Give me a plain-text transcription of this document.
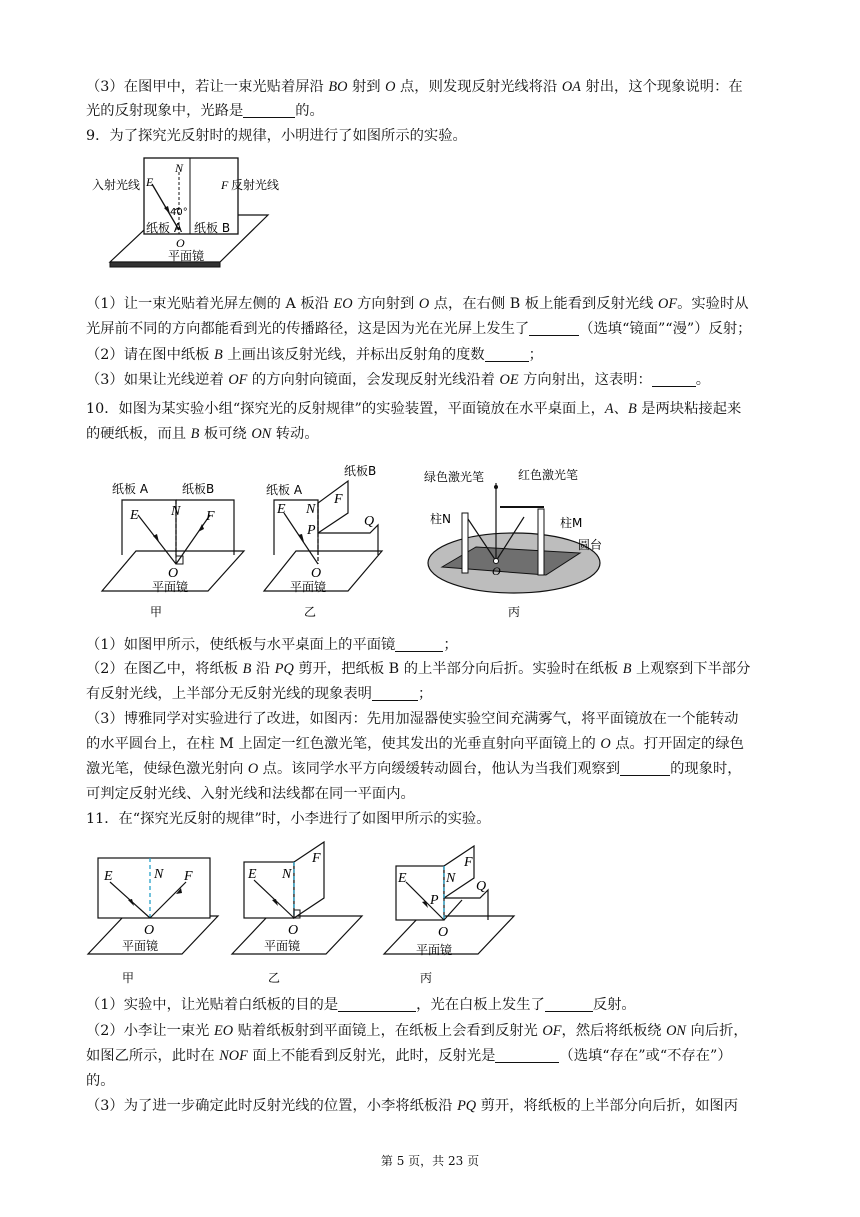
（3）在图甲中，若让一束光贴着屏沿 BO 射到 O 点，则发现反射光线将沿 OA 射出，这个现象说明：在
光的反射现象中，光路是	的。
9．为了探究光反射时的规律，小明进行了如图所示的实验。
入射光线	反射光线
E
N
F
40°
O
纸板 A 纸板 B
平面镜
（1）让一束光贴着光屏左侧的 A 板沿 EO 方向射到 O 点，在右侧 B 板上能看到反射光线 OF。实验时从
光屏前不同的方向都能看到光的传播路径，这是因为光在光屏上发生了	（选填“镜面”“漫”）反射；
（2）请在图中纸板 B 上画出该反射光线，并标出反射角的度数	；
（3）如果让光线逆着 OF 的方向射向镜面，会发现反射光线沿着 OE 方向射出，这表明：	。
10．如图为某实验小组“探究光的反射规律”的实验装置，平面镜放在水平桌面上，A、B 是两块粘接起来
的硬纸板，而且 B 板可绕 ON 转动。
纸板 A	纸板B
E N F
O
平面镜
甲
纸板 A
纸板B
E N
F
P
Q
O
平面镜
乙
绿色激光笔	红色激光笔
柱N	柱M
圆台
O
丙
（1）如图甲所示，使纸板与水平桌面上的平面镜	；
（2）在图乙中，将纸板 B 沿 PQ 剪开，把纸板 B 的上半部分向后折。实验时在纸板 B 上观察到下半部分
有反射光线，上半部分无反射光线的现象表明	；
（3）博雅同学对实验进行了改进，如图丙：先用加湿器使实验空间充满雾气，将平面镜放在一个能转动
的水平圆台上，在柱 M 上固定一红色激光笔，使其发出的光垂直射向平面镜上的 O 点。打开固定的绿色
激光笔，使绿色激光射向 O 点。该同学水平方向缓缓转动圆台，他认为当我们观察到	的现象时，
可判定反射光线、入射光线和法线都在同一平面内。
11．在“探究光反射的规律”时，小李进行了如图甲所示的实验。
E	N F
O
平面镜
甲
E N
F
O
平面镜
乙
E	N
F
P
Q
O
平面镜
丙
（1）实验中，让光贴着白纸板的目的是	，光在白板上发生了	反射。
（2）小李让一束光 EO 贴着纸板射到平面镜上，在纸板上会看到反射光 OF，然后将纸板绕 ON 向后折，
如图乙所示，此时在 NOF 面上不能看到反射光，此时，反射光是	（选填“存在”或“不存在”）
的。
（3）为了进一步确定此时反射光线的位置，小李将纸板沿 PQ 剪开，将纸板的上半部分向后折，如图丙
第 5 页，共 23 页
